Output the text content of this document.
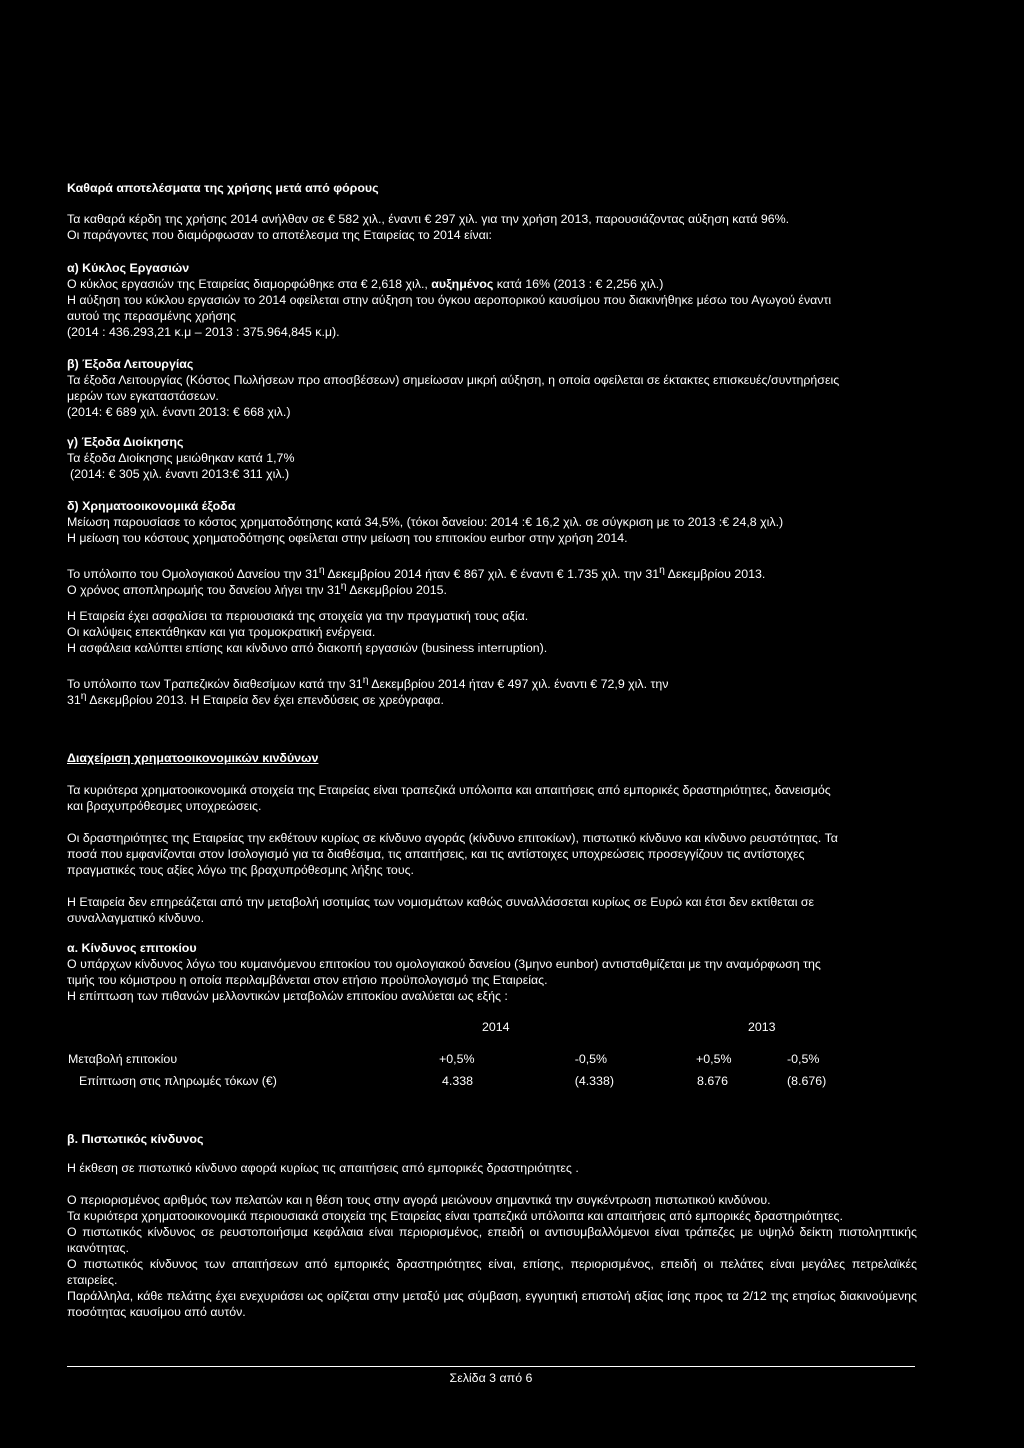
Καθαρά αποτελέσματα της χρήσης μετά από φόρους
Τα καθαρά κέρδη της χρήσης 2014 ανήλθαν σε € 582 χιλ., έναντι € 297 χιλ. για την χρήση 2013, παρουσιάζοντας αύξηση κατά 96%.
Οι παράγοντες που διαμόρφωσαν το αποτέλεσμα της Εταιρείας το 2014 είναι:
α) Κύκλος Εργασιών
Ο κύκλος εργασιών της Εταιρείας διαμορφώθηκε στα € 2,618 χιλ., αυξημένος κατά 16% (2013 : € 2,256 χιλ.)
Η αύξηση του κύκλου εργασιών το 2014 οφείλεται στην αύξηση του όγκου αεροπορικού καυσίμου που διακινήθηκε μέσω του Αγωγού έναντι
αυτού της περασμένης χρήσης
(2014 : 436.293,21 κ.μ – 2013 : 375.964,845 κ.μ).
β) Έξοδα Λειτουργίας
Τα έξοδα Λειτουργίας (Κόστος Πωλήσεων προ αποσβέσεων) σημείωσαν μικρή αύξηση, η οποία οφείλεται σε έκτακτες επισκευές/συντηρήσεις
μερών των εγκαταστάσεων.
(2014: € 689 χιλ. έναντι 2013: € 668 χιλ.)
γ) Έξοδα Διοίκησης
Τα έξοδα Διοίκησης μειώθηκαν κατά 1,7%
(2014: € 305 χιλ. έναντι 2013:€ 311 χιλ.)
δ) Χρηματοοικονομικά έξοδα
Μείωση παρουσίασε το κόστος χρηματοδότησης κατά 34,5%, (τόκοι δανείου: 2014 :€ 16,2 χιλ. σε σύγκριση με το 2013 :€ 24,8 χιλ.)
Η μείωση του κόστους χρηματοδότησης οφείλεται στην μείωση του επιτοκίου eurbor στην χρήση 2014.
Το υπόλοιπο του Ομολογιακού Δανείου την $31^\eta$ Δεκεμβρίου 2014 ήταν € 867 χιλ. € έναντι € 1.735 χιλ. την $31^\eta$ Δεκεμβρίου 2013.
Ο χρόνος αποπληρωμής του δανείου λήγει την $31^\eta$ Δεκεμβρίου 2015.
Η Εταιρεία έχει ασφαλίσει τα περιουσιακά της στοιχεία για την πραγματική τους αξία.
Οι καλύψεις επεκτάθηκαν και για τρομοκρατική ενέργεια.
Η ασφάλεια καλύπτει επίσης και κίνδυνο από διακοπή εργασιών (business interruption).
Το υπόλοιπο των Τραπεζικών διαθεσίμων κατά την $31^\eta$ Δεκεμβρίου 2014 ήταν € 497 χιλ. έναντι € 72,9 χιλ. την
$31^\eta$ Δεκεμβρίου 2013. Η Εταιρεία δεν έχει επενδύσεις σε χρεόγραφα.
Διαχείριση χρηματοοικονομικών κινδύνων
Τα κυριότερα χρηματοοικονομικά στοιχεία της Εταιρείας είναι τραπεζικά υπόλοιπα και απαιτήσεις από εμπορικές δραστηριότητες, δανεισμός
και βραχυπρόθεσμες υποχρεώσεις.
Οι δραστηριότητες της Εταιρείας την εκθέτουν κυρίως σε κίνδυνο αγοράς (κίνδυνο επιτοκίων), πιστωτικό κίνδυνο και κίνδυνο ρευστότητας. Τα
ποσά που εμφανίζονται στον Ισολογισμό για τα διαθέσιμα, τις απαιτήσεις, και τις αντίστοιχες υποχρεώσεις προσεγγίζουν τις αντίστοιχες
πραγματικές τους αξίες λόγω της βραχυπρόθεσμης λήξης τους.
Η Εταιρεία δεν επηρεάζεται από την μεταβολή ισοτιμίας των νομισμάτων καθώς συναλλάσσεται κυρίως σε Ευρώ και έτσι δεν εκτίθεται σε
συναλλαγματικό κίνδυνο.
α. Κίνδυνος επιτοκίου
Ο υπάρχων κίνδυνος λόγω του κυμαινόμενου επιτοκίου του ομολογιακού δανείου (3μηνο eunbor) αντισταθμίζεται με την αναμόρφωση της
τιμής του κόμιστρου η οποία περιλαμβάνεται στον ετήσιο προϋπολογισμό της Εταιρείας.
Η επίπτωση των πιθανών μελλοντικών μεταβολών επιτοκίου αναλύεται ως εξής :
	2014		2013	

Μεταβολή επιτοκίου	+0,5%	-0,5%	+0,5%	-0,5%

Επίπτωση στις πληρωμές τόκων (€)	4.338	(4.338)	8.676	(8.676)
β. Πιστωτικός κίνδυνος
Η έκθεση σε πιστωτικό κίνδυνο αφορά κυρίως τις απαιτήσεις από εμπορικές δραστηριότητες .
Ο περιορισμένος αριθμός των πελατών και η θέση τους στην αγορά μειώνουν σημαντικά την συγκέντρωση πιστωτικού κινδύνου.
Τα κυριότερα χρηματοοικονομικά περιουσιακά στοιχεία της Εταιρείας είναι τραπεζικά υπόλοιπα και απαιτήσεις από εμπορικές δραστηριότητες.
Ο πιστωτικός κίνδυνος σε ρευστοποιήσιμα κεφάλαια είναι περιορισμένος, επειδή οι αντισυμβαλλόμενοι είναι τράπεζες με υψηλό δείκτη πιστοληπτικής ικανότητας.
Ο πιστωτικός κίνδυνος των απαιτήσεων από εμπορικές δραστηριότητες είναι, επίσης, περιορισμένος, επειδή οι πελάτες είναι μεγάλες πετρελαϊκές εταιρείες.
Παράλληλα, κάθε πελάτης έχει ενεχυριάσει ως ορίζεται στην μεταξύ μας σύμβαση, εγγυητική επιστολή αξίας ίσης προς τα 2/12 της ετησίως διακινούμενης ποσότητας καυσίμου από αυτόν.
Σελίδα 3 από 6
